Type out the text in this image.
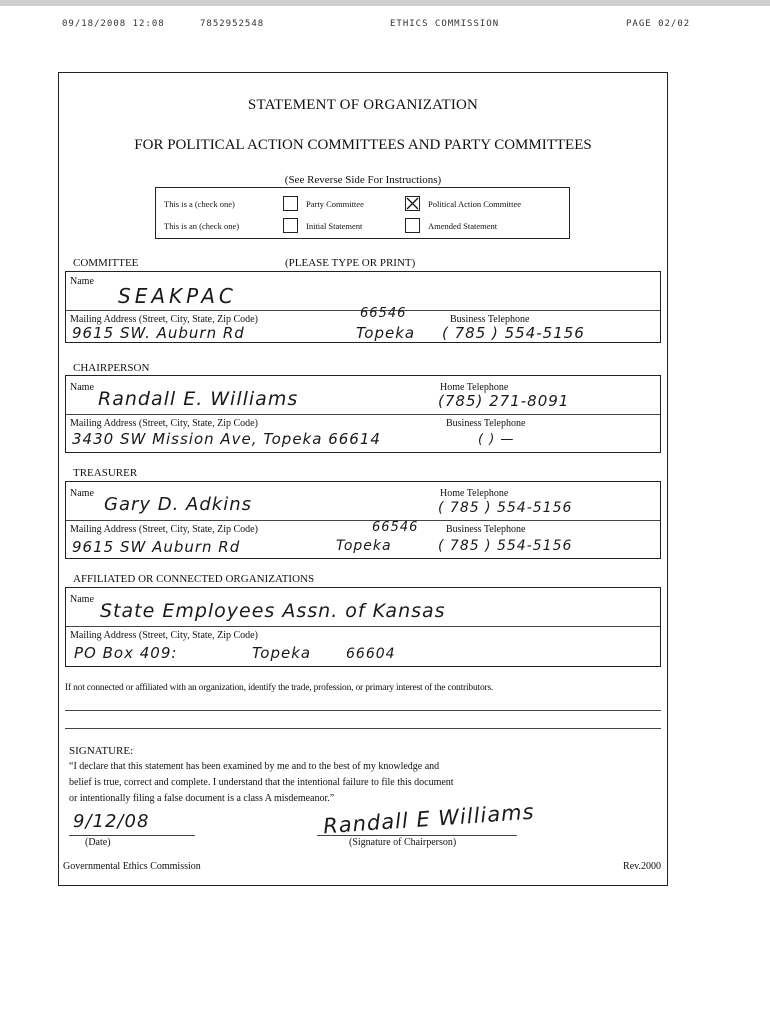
09/18/2008 12:08	7852952548	ETHICS COMMISSION	PAGE 02/02
STATEMENT OF ORGANIZATION
FOR POLITICAL ACTION COMMITTEES AND PARTY COMMITTEES
(See Reverse Side For Instructions)
This is a (check one)	Party Committee	Political Action Committee
This is an (check one)	Initial Statement	Amended Statement
COMMITTEE	(PLEASE TYPE OR PRINT)
Name
SEAKPAC
Mailing Address (Street, City, State, Zip Code)	66546	Business Telephone
9615 SW. Auburn Rd	Topeka ( 785 ) 554-5156
CHAIRPERSON
Name
Randall E. Williams
Home Telephone
(785) 271-8091
Mailing Address (Street, City, State, Zip Code)	Business Telephone
3430 SW Mission Ave, Topeka 66614	( ) —
TREASURER
Name
Gary D. Adkins
Home Telephone
( 785 ) 554-5156
Mailing Address (Street, City, State, Zip Code)	66546	Business Telephone
9615 SW Auburn Rd	Topeka	( 785 ) 554-5156
AFFILIATED OR CONNECTED ORGANIZATIONS
Name
State Employees Assn. of Kansas
Mailing Address (Street, City, State, Zip Code)
PO Box 409:	Topeka 66604
If not connected or affiliated with an organization, identify the trade, profession, or primary interest of the contributors.
SIGNATURE:
“I declare that this statement has been examined by me and to the best of my knowledge and
belief is true, correct and complete. I understand that the intentional failure to file this document
or intentionally filing a false document is a class A misdemeanor.”
9/12/08
(Date)
Randall E Williams
(Signature of Chairperson)
Governmental Ethics Commission	Rev.2000
